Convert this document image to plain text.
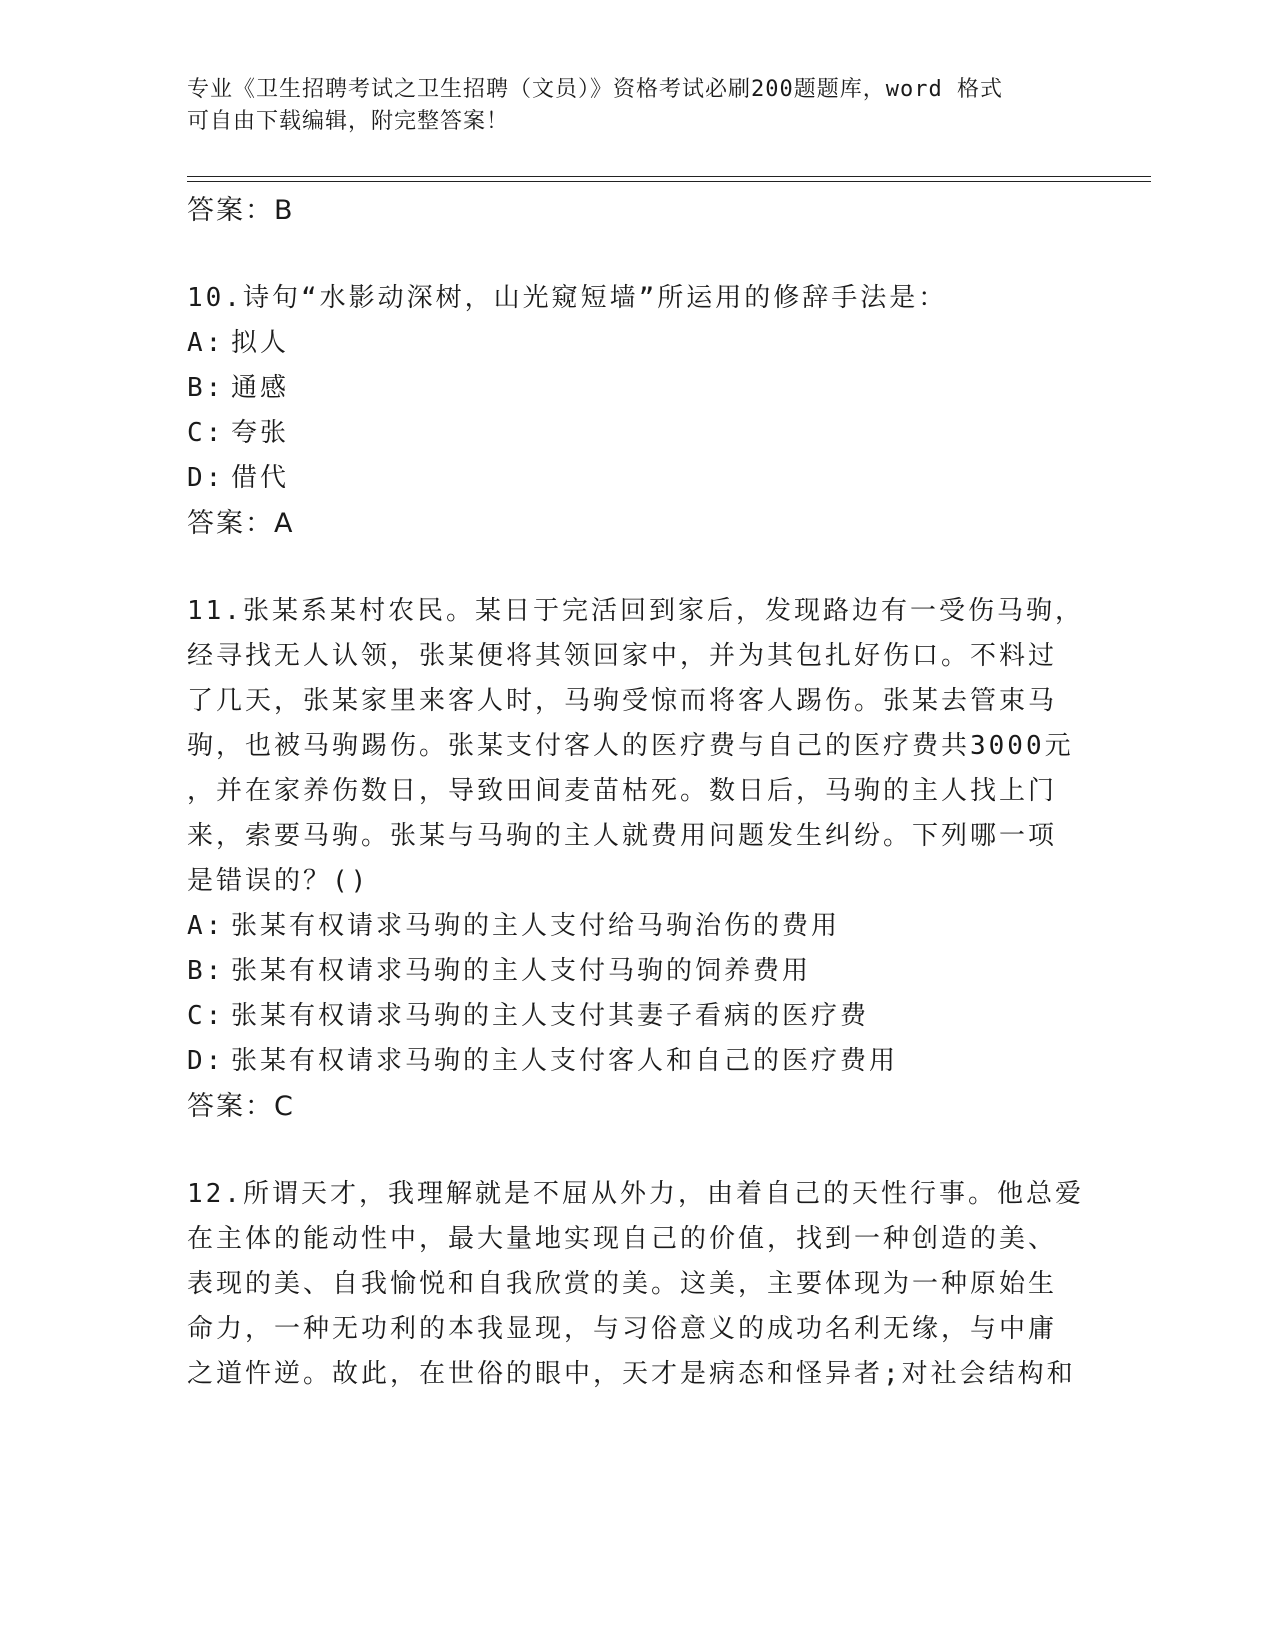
专业《卫生招聘考试之卫生招聘（文员）》资格考试必刷200题题库，word 格式
可自由下载编辑，附完整答案！

答案：B

10.诗句“水影动深树，山光窥短墙”所运用的修辞手法是：

A: 拟人

B: 通感

C: 夸张

D: 借代

答案：A

11.张某系某村农民。某日于完活回到家后，发现路边有一受伤马驹，

经寻找无人认领，张某便将其领回家中，并为其包扎好伤口。不料过

了几天，张某家里来客人时，马驹受惊而将客人踢伤。张某去管束马

驹，也被马驹踢伤。张某支付客人的医疗费与自己的医疗费共3000元

，并在家养伤数日，导致田间麦苗枯死。数日后，马驹的主人找上门

来，索要马驹。张某与马驹的主人就费用问题发生纠纷。下列哪一项

是错误的？()

A: 张某有权请求马驹的主人支付给马驹治伤的费用

B: 张某有权请求马驹的主人支付马驹的饲养费用

C: 张某有权请求马驹的主人支付其妻子看病的医疗费

D: 张某有权请求马驹的主人支付客人和自己的医疗费用

答案：C

12.所谓天才，我理解就是不屈从外力，由着自己的天性行事。他总爱

在主体的能动性中，最大量地实现自己的价值，找到一种创造的美、

表现的美、自我愉悦和自我欣赏的美。这美，主要体现为一种原始生

命力，一种无功利的本我显现，与习俗意义的成功名利无缘，与中庸

之道忤逆。故此，在世俗的眼中，天才是病态和怪异者;对社会结构和
